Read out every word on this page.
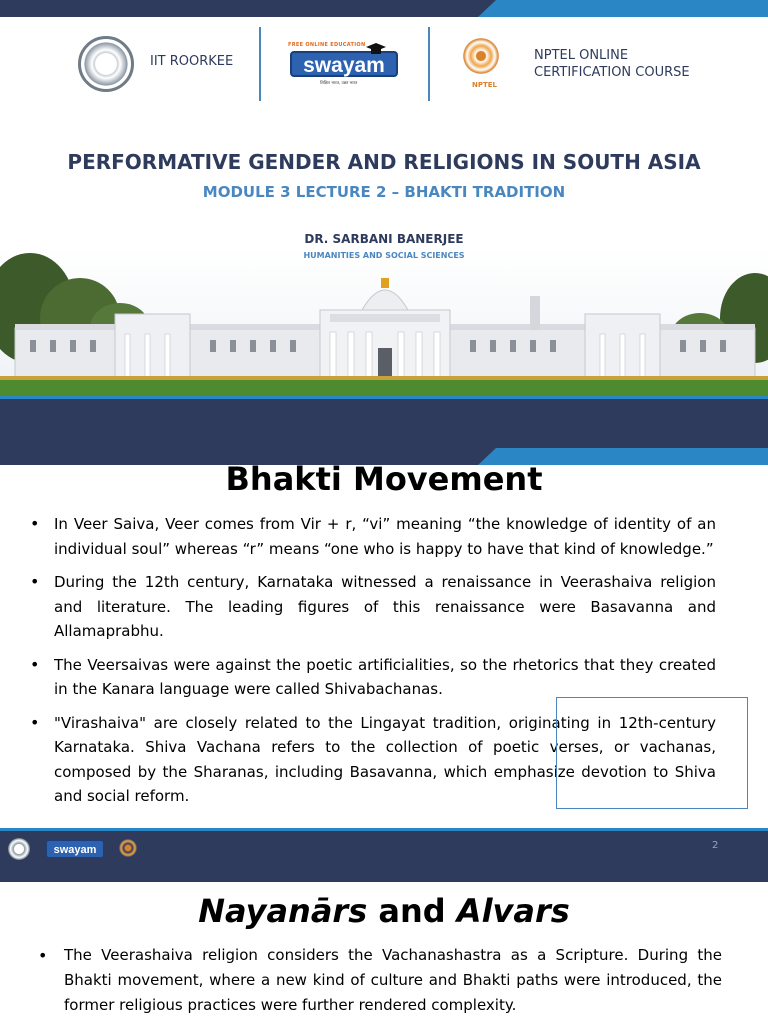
IIT ROORKEE
FREE ONLINE EDUCATION
swayam
शिक्षित भारत, उन्नत भारत	NPTEL
NPTEL ONLINE
CERTIFICATION COURSE
PERFORMATIVE GENDER AND RELIGIONS IN SOUTH ASIA
MODULE 3 LECTURE 2 – BHAKTI TRADITION
DR. SARBANI BANERJEE
HUMANITIES AND SOCIAL SCIENCES
Bhakti Movement
• In Veer Saiva, Veer comes from Vir + r, “vi” meaning “the knowledge of identity of an individual soul” whereas “r” means “one who is happy to have that kind of knowledge.”
• During the 12th century, Karnataka witnessed a renaissance in Veerashaiva religion and literature. The leading figures of this renaissance were Basavanna and Allamaprabhu.
• The Veersaivas were against the poetic artificialities, so the rhetorics that they created in the Kanara language were called Shivabachanas.
• "Virashaiva" are closely related to the Lingayat tradition, originating in 12th-century Karnataka. Shiva Vachana refers to the collection of poetic verses, or vachanas, composed by the Sharanas, including Basavanna, which emphasize devotion to Shiva and social reform.
swayam	2
Nayanārs and Alvars
• The Veerashaiva religion considers the Vachanashastra as a Scripture. During the Bhakti movement, where a new kind of culture and Bhakti paths were introduced, the former religious practices were further rendered complexity.
